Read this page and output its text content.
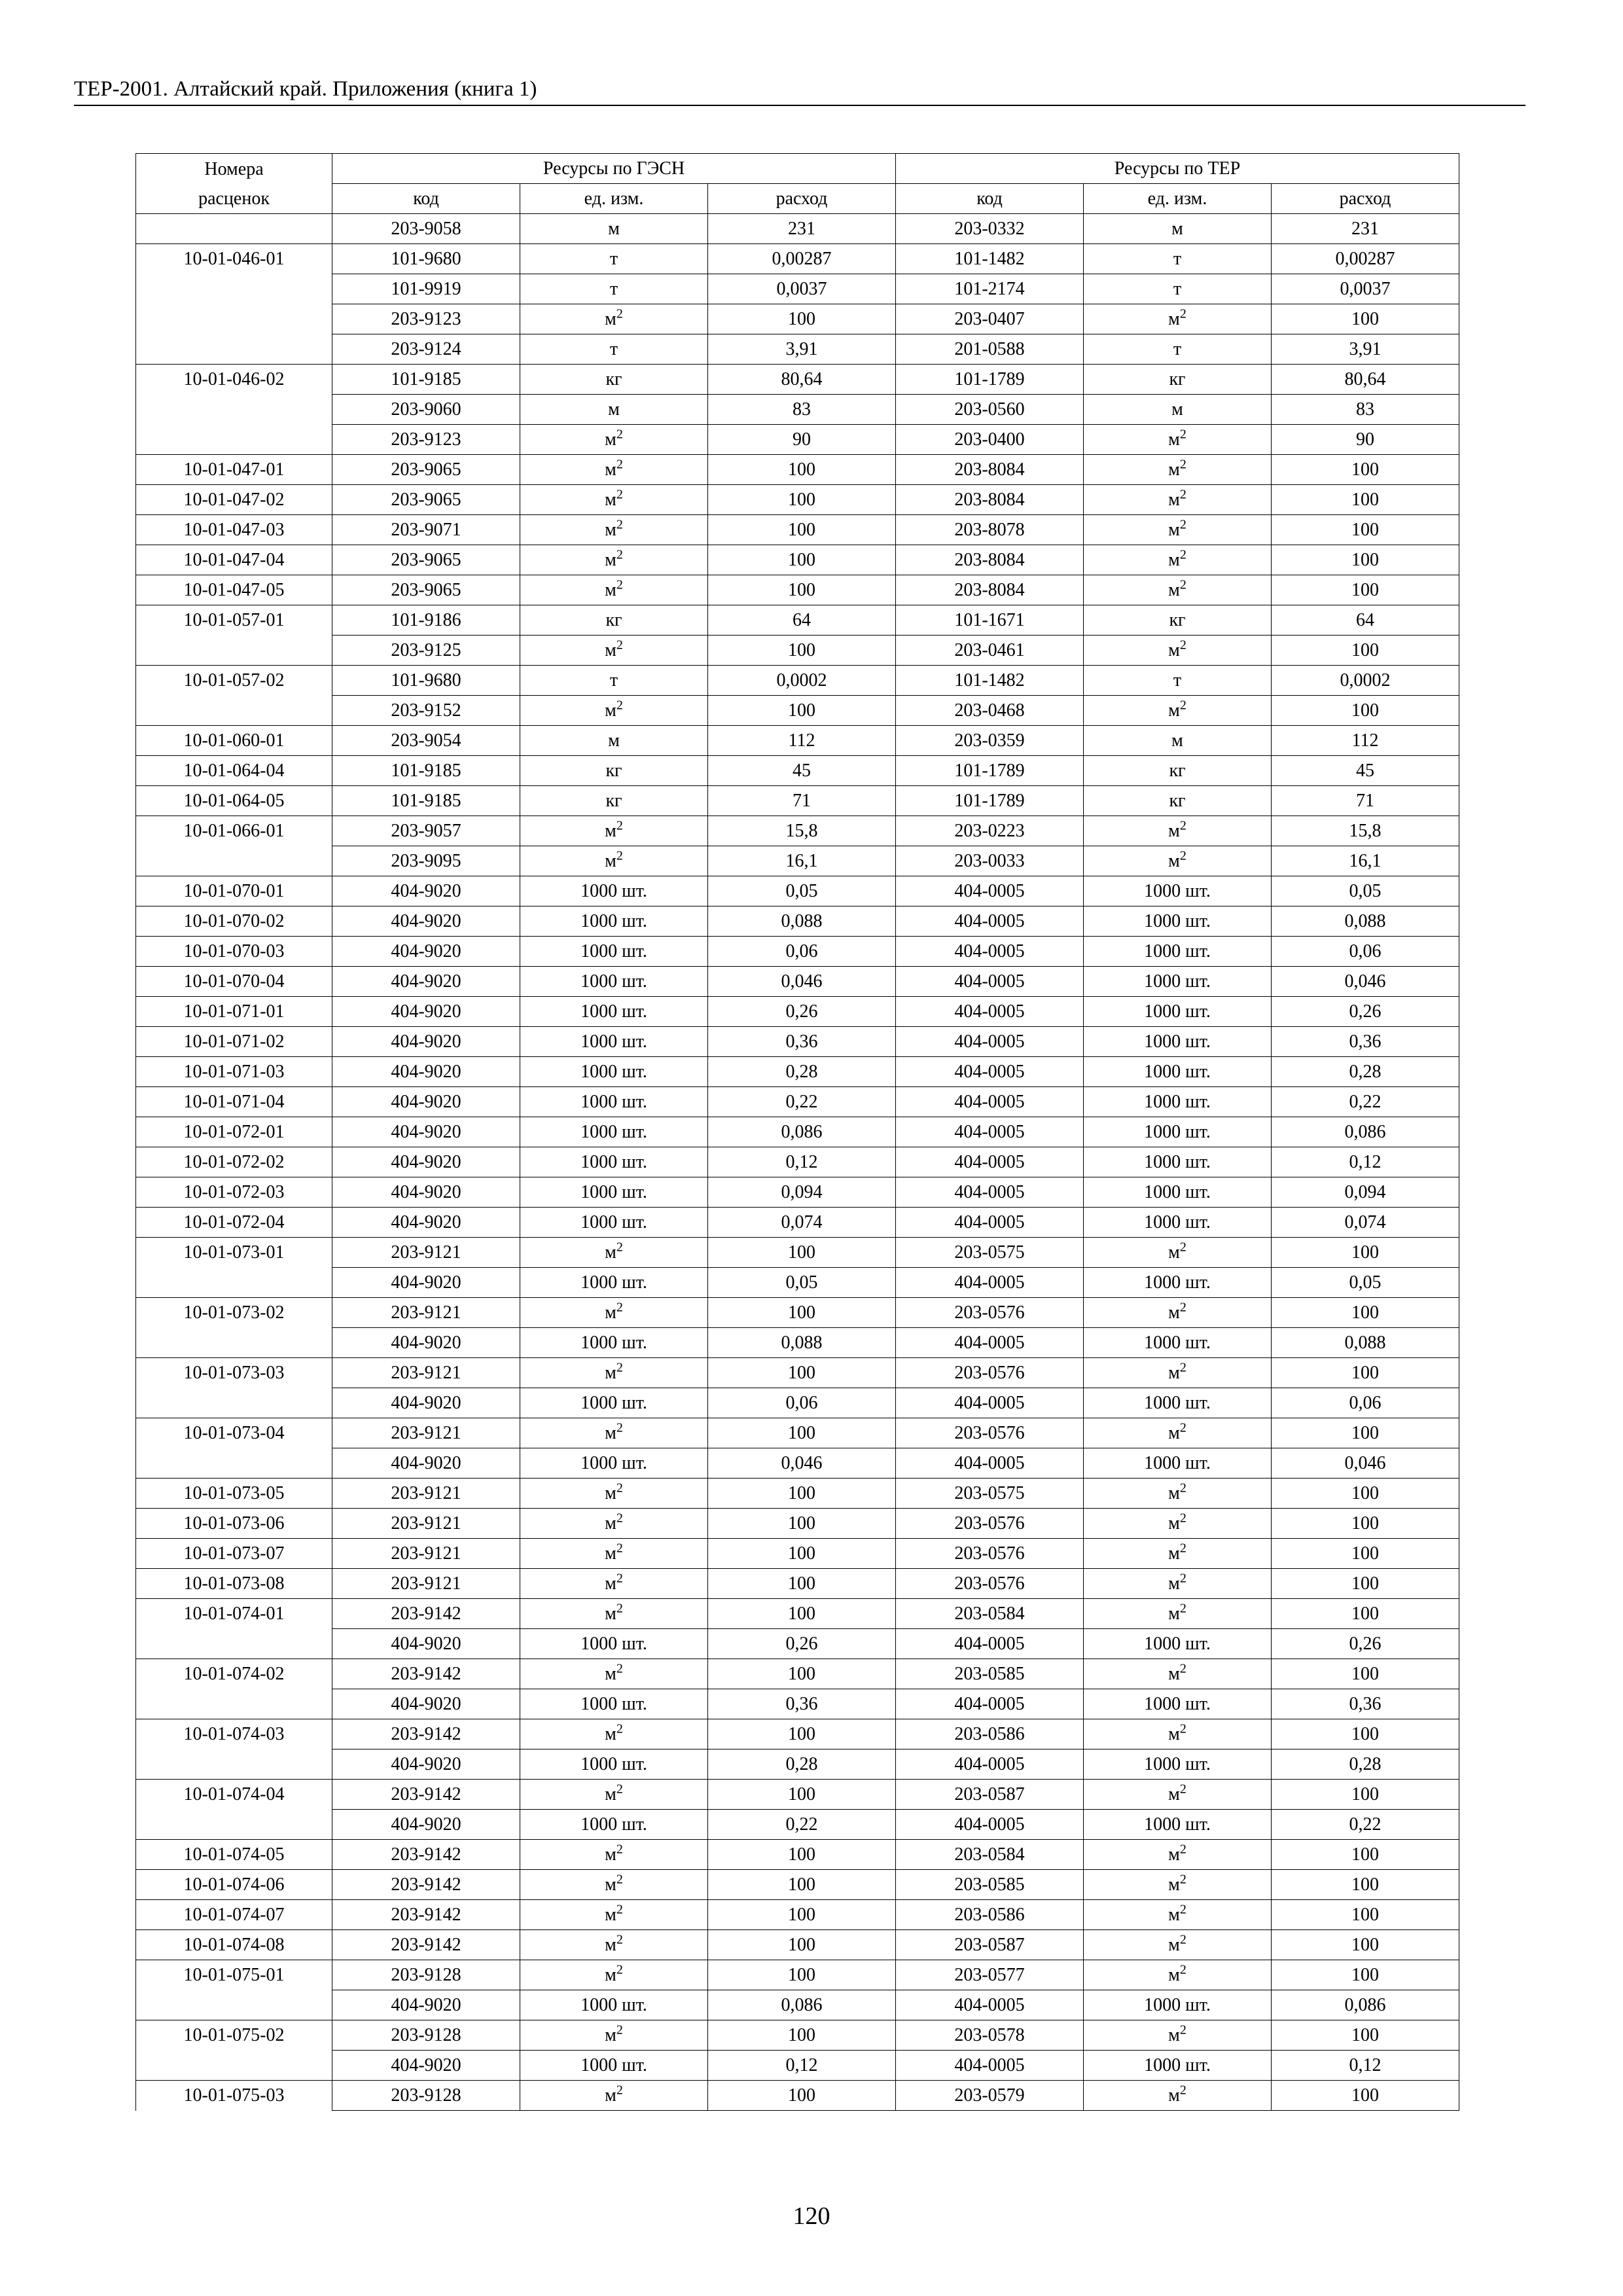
ТЕР-2001. Алтайский край. Приложения (книга 1)
Номера
расценок	Ресурсы по ГЭСН			Ресурсы по ТЕР		
	код	ед. изм.	расход	код	ед. изм.	расход
	203-9058	м	231	203-0332	м	231
10-01-046-01	101-9680	т	0,00287	101-1482	т	0,00287
	101-9919	т	0,0037	101-2174	т	0,0037
	203-9123	$м^2$	100	203-0407	$м^2$	100
	203-9124	т	3,91	201-0588	т	3,91
10-01-046-02	101-9185	кг	80,64	101-1789	кг	80,64
	203-9060	м	83	203-0560	м	83
	203-9123	$м^2$	90	203-0400	$м^2$	90
10-01-047-01	203-9065	$м^2$	100	203-8084	$м^2$	100
10-01-047-02	203-9065	$м^2$	100	203-8084	$м^2$	100
10-01-047-03	203-9071	$м^2$	100	203-8078	$м^2$	100
10-01-047-04	203-9065	$м^2$	100	203-8084	$м^2$	100
10-01-047-05	203-9065	$м^2$	100	203-8084	$м^2$	100
10-01-057-01	101-9186	кг	64	101-1671	кг	64
	203-9125	$м^2$	100	203-0461	$м^2$	100
10-01-057-02	101-9680	т	0,0002	101-1482	т	0,0002
	203-9152	$м^2$	100	203-0468	$м^2$	100
10-01-060-01	203-9054	м	112	203-0359	м	112
10-01-064-04	101-9185	кг	45	101-1789	кг	45
10-01-064-05	101-9185	кг	71	101-1789	кг	71
10-01-066-01	203-9057	$м^2$	15,8	203-0223	$м^2$	15,8
	203-9095	$м^2$	16,1	203-0033	$м^2$	16,1
10-01-070-01	404-9020	1000 шт.	0,05	404-0005	1000 шт.	0,05
10-01-070-02	404-9020	1000 шт.	0,088	404-0005	1000 шт.	0,088
10-01-070-03	404-9020	1000 шт.	0,06	404-0005	1000 шт.	0,06
10-01-070-04	404-9020	1000 шт.	0,046	404-0005	1000 шт.	0,046
10-01-071-01	404-9020	1000 шт.	0,26	404-0005	1000 шт.	0,26
10-01-071-02	404-9020	1000 шт.	0,36	404-0005	1000 шт.	0,36
10-01-071-03	404-9020	1000 шт.	0,28	404-0005	1000 шт.	0,28
10-01-071-04	404-9020	1000 шт.	0,22	404-0005	1000 шт.	0,22
10-01-072-01	404-9020	1000 шт.	0,086	404-0005	1000 шт.	0,086
10-01-072-02	404-9020	1000 шт.	0,12	404-0005	1000 шт.	0,12
10-01-072-03	404-9020	1000 шт.	0,094	404-0005	1000 шт.	0,094
10-01-072-04	404-9020	1000 шт.	0,074	404-0005	1000 шт.	0,074
10-01-073-01	203-9121	$м^2$	100	203-0575	$м^2$	100
	404-9020	1000 шт.	0,05	404-0005	1000 шт.	0,05
10-01-073-02	203-9121	$м^2$	100	203-0576	$м^2$	100
	404-9020	1000 шт.	0,088	404-0005	1000 шт.	0,088
10-01-073-03	203-9121	$м^2$	100	203-0576	$м^2$	100
	404-9020	1000 шт.	0,06	404-0005	1000 шт.	0,06
10-01-073-04	203-9121	$м^2$	100	203-0576	$м^2$	100
	404-9020	1000 шт.	0,046	404-0005	1000 шт.	0,046
10-01-073-05	203-9121	$м^2$	100	203-0575	$м^2$	100
10-01-073-06	203-9121	$м^2$	100	203-0576	$м^2$	100
10-01-073-07	203-9121	$м^2$	100	203-0576	$м^2$	100
10-01-073-08	203-9121	$м^2$	100	203-0576	$м^2$	100
10-01-074-01	203-9142	$м^2$	100	203-0584	$м^2$	100
	404-9020	1000 шт.	0,26	404-0005	1000 шт.	0,26
10-01-074-02	203-9142	$м^2$	100	203-0585	$м^2$	100
	404-9020	1000 шт.	0,36	404-0005	1000 шт.	0,36
10-01-074-03	203-9142	$м^2$	100	203-0586	$м^2$	100
	404-9020	1000 шт.	0,28	404-0005	1000 шт.	0,28
10-01-074-04	203-9142	$м^2$	100	203-0587	$м^2$	100
	404-9020	1000 шт.	0,22	404-0005	1000 шт.	0,22
10-01-074-05	203-9142	$м^2$	100	203-0584	$м^2$	100
10-01-074-06	203-9142	$м^2$	100	203-0585	$м^2$	100
10-01-074-07	203-9142	$м^2$	100	203-0586	$м^2$	100
10-01-074-08	203-9142	$м^2$	100	203-0587	$м^2$	100
10-01-075-01	203-9128	$м^2$	100	203-0577	$м^2$	100
	404-9020	1000 шт.	0,086	404-0005	1000 шт.	0,086
10-01-075-02	203-9128	$м^2$	100	203-0578	$м^2$	100
	404-9020	1000 шт.	0,12	404-0005	1000 шт.	0,12
10-01-075-03	203-9128	$м^2$	100	203-0579	$м^2$	100
120
